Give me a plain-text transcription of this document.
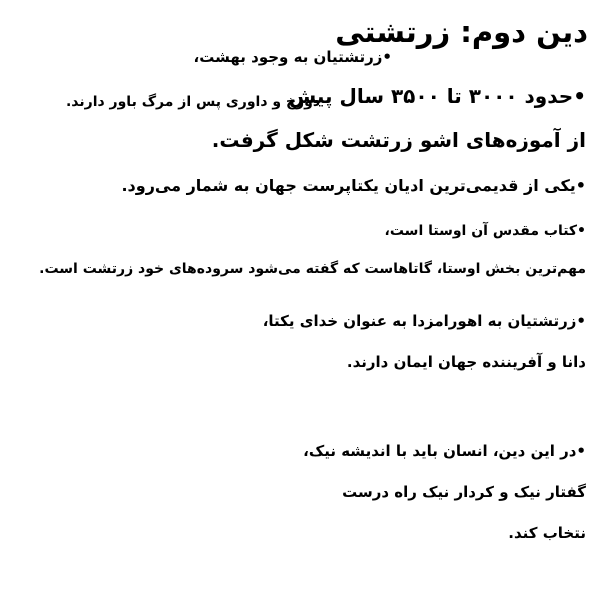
دین دوم: زرتشتی
•زرتشتیان به وجود بهشت،
•حدود ۳۰۰۰ تا ۳۵۰۰ سال پیش
دوزخ و داوری پس از مرگ باور دارند.
از آموزه‌های اشو زرتشت شکل گرفت.
•یکی از قدیمی‌ترین ادیان یکتاپرست جهان به شمار می‌رود.
•کتاب مقدس آن اوستا است،
مهم‌ترین بخش اوستا، گاتاهاست که گفته می‌شود سروده‌های خود زرتشت است.
•زرتشتیان به اهورامزدا به عنوان خدای یکتا،
دانا و آفریننده جهان ایمان دارند.
•در این دین، انسان باید با اندیشه نیک،
گفتار نیک و کردار نیک راه درست
نتخاب کند.
